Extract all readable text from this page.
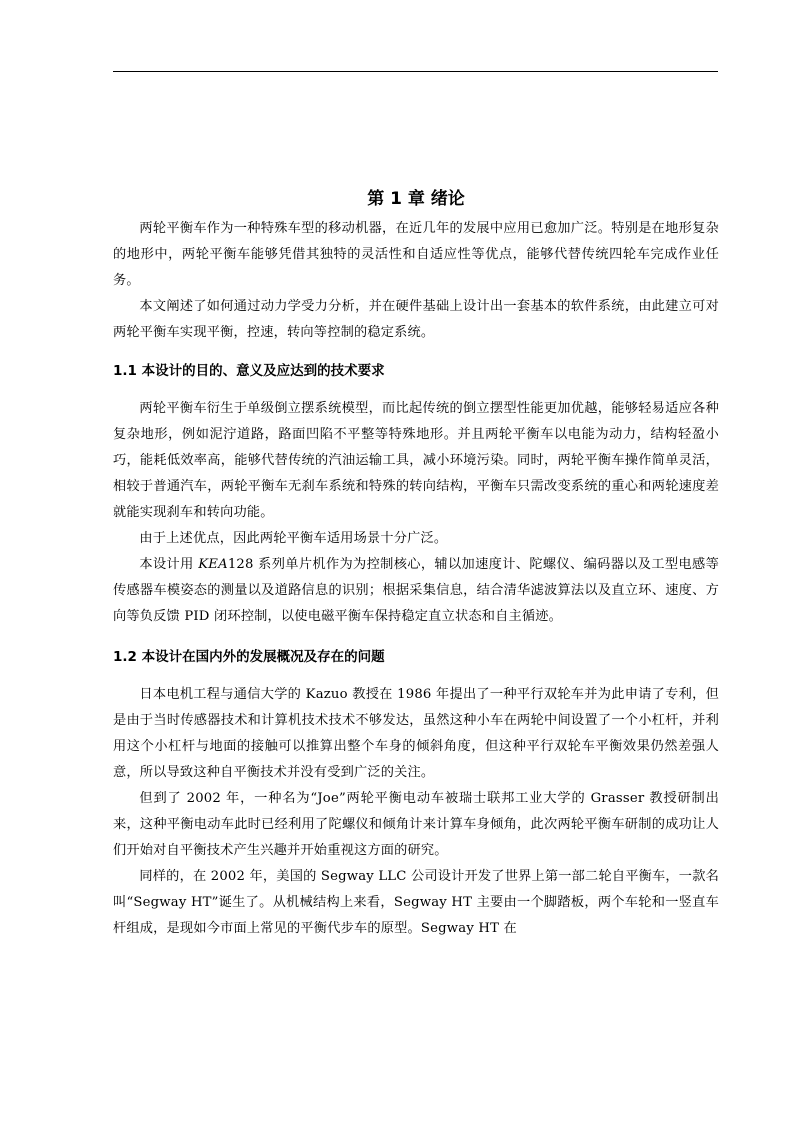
第 1 章 绪论

两轮平衡车作为一种特殊车型的移动机器，在近几年的发展中应用已愈加广泛。特别是在地形复杂的地形中，两轮平衡车能够凭借其独特的灵活性和自适应性等优点，能够代替传统四轮车完成作业任务。

本文阐述了如何通过动力学受力分析，并在硬件基础上设计出一套基本的软件系统，由此建立可对两轮平衡车实现平衡，控速，转向等控制的稳定系统。

1.1 本设计的目的、意义及应达到的技术要求

两轮平衡车衍生于单级倒立摆系统模型，而比起传统的倒立摆型性能更加优越，能够轻易适应各种复杂地形，例如泥泞道路，路面凹陷不平整等特殊地形。并且两轮平衡车以电能为动力，结构轻盈小巧，能耗低效率高，能够代替传统的汽油运输工具，减小环境污染。同时，两轮平衡车操作简单灵活，相较于普通汽车，两轮平衡车无刹车系统和特殊的转向结构，平衡车只需改变系统的重心和两轮速度差就能实现刹车和转向功能。

由于上述优点，因此两轮平衡车适用场景十分广泛。

本设计用 KEA128 系列单片机作为为控制核心，辅以加速度计、陀螺仪、编码器以及工型电感等传感器车模姿态的测量以及道路信息的识别；根据采集信息，结合清华滤波算法以及直立环、速度、方向等负反馈 PID 闭环控制，以使电磁平衡车保持稳定直立状态和自主循迹。

1.2 本设计在国内外的发展概况及存在的问题

日本电机工程与通信大学的 Kazuo 教授在 1986 年提出了一种平行双轮车并为此申请了专利，但是由于当时传感器技术和计算机技术技术不够发达，虽然这种小车在两轮中间设置了一个小杠杆，并利用这个小杠杆与地面的接触可以推算出整个车身的倾斜角度，但这种平行双轮车平衡效果仍然差强人意，所以导致这种自平衡技术并没有受到广泛的关注。

但到了 2002 年，一种名为“Joe”两轮平衡电动车被瑞士联邦工业大学的 Grasser 教授研制出来，这种平衡电动车此时已经利用了陀螺仪和倾角计来计算车身倾角，此次两轮平衡车研制的成功让人们开始对自平衡技术产生兴趣并开始重视这方面的研究。

同样的，在 2002 年，美国的 Segway LLC 公司设计开发了世界上第一部二轮自平衡车，一款名叫“Segway HT”诞生了。从机械结构上来看，Segway HT 主要由一个脚踏板，两个车轮和一竖直车杆组成，是现如今市面上常见的平衡代步车的原型。Segway HT 在
